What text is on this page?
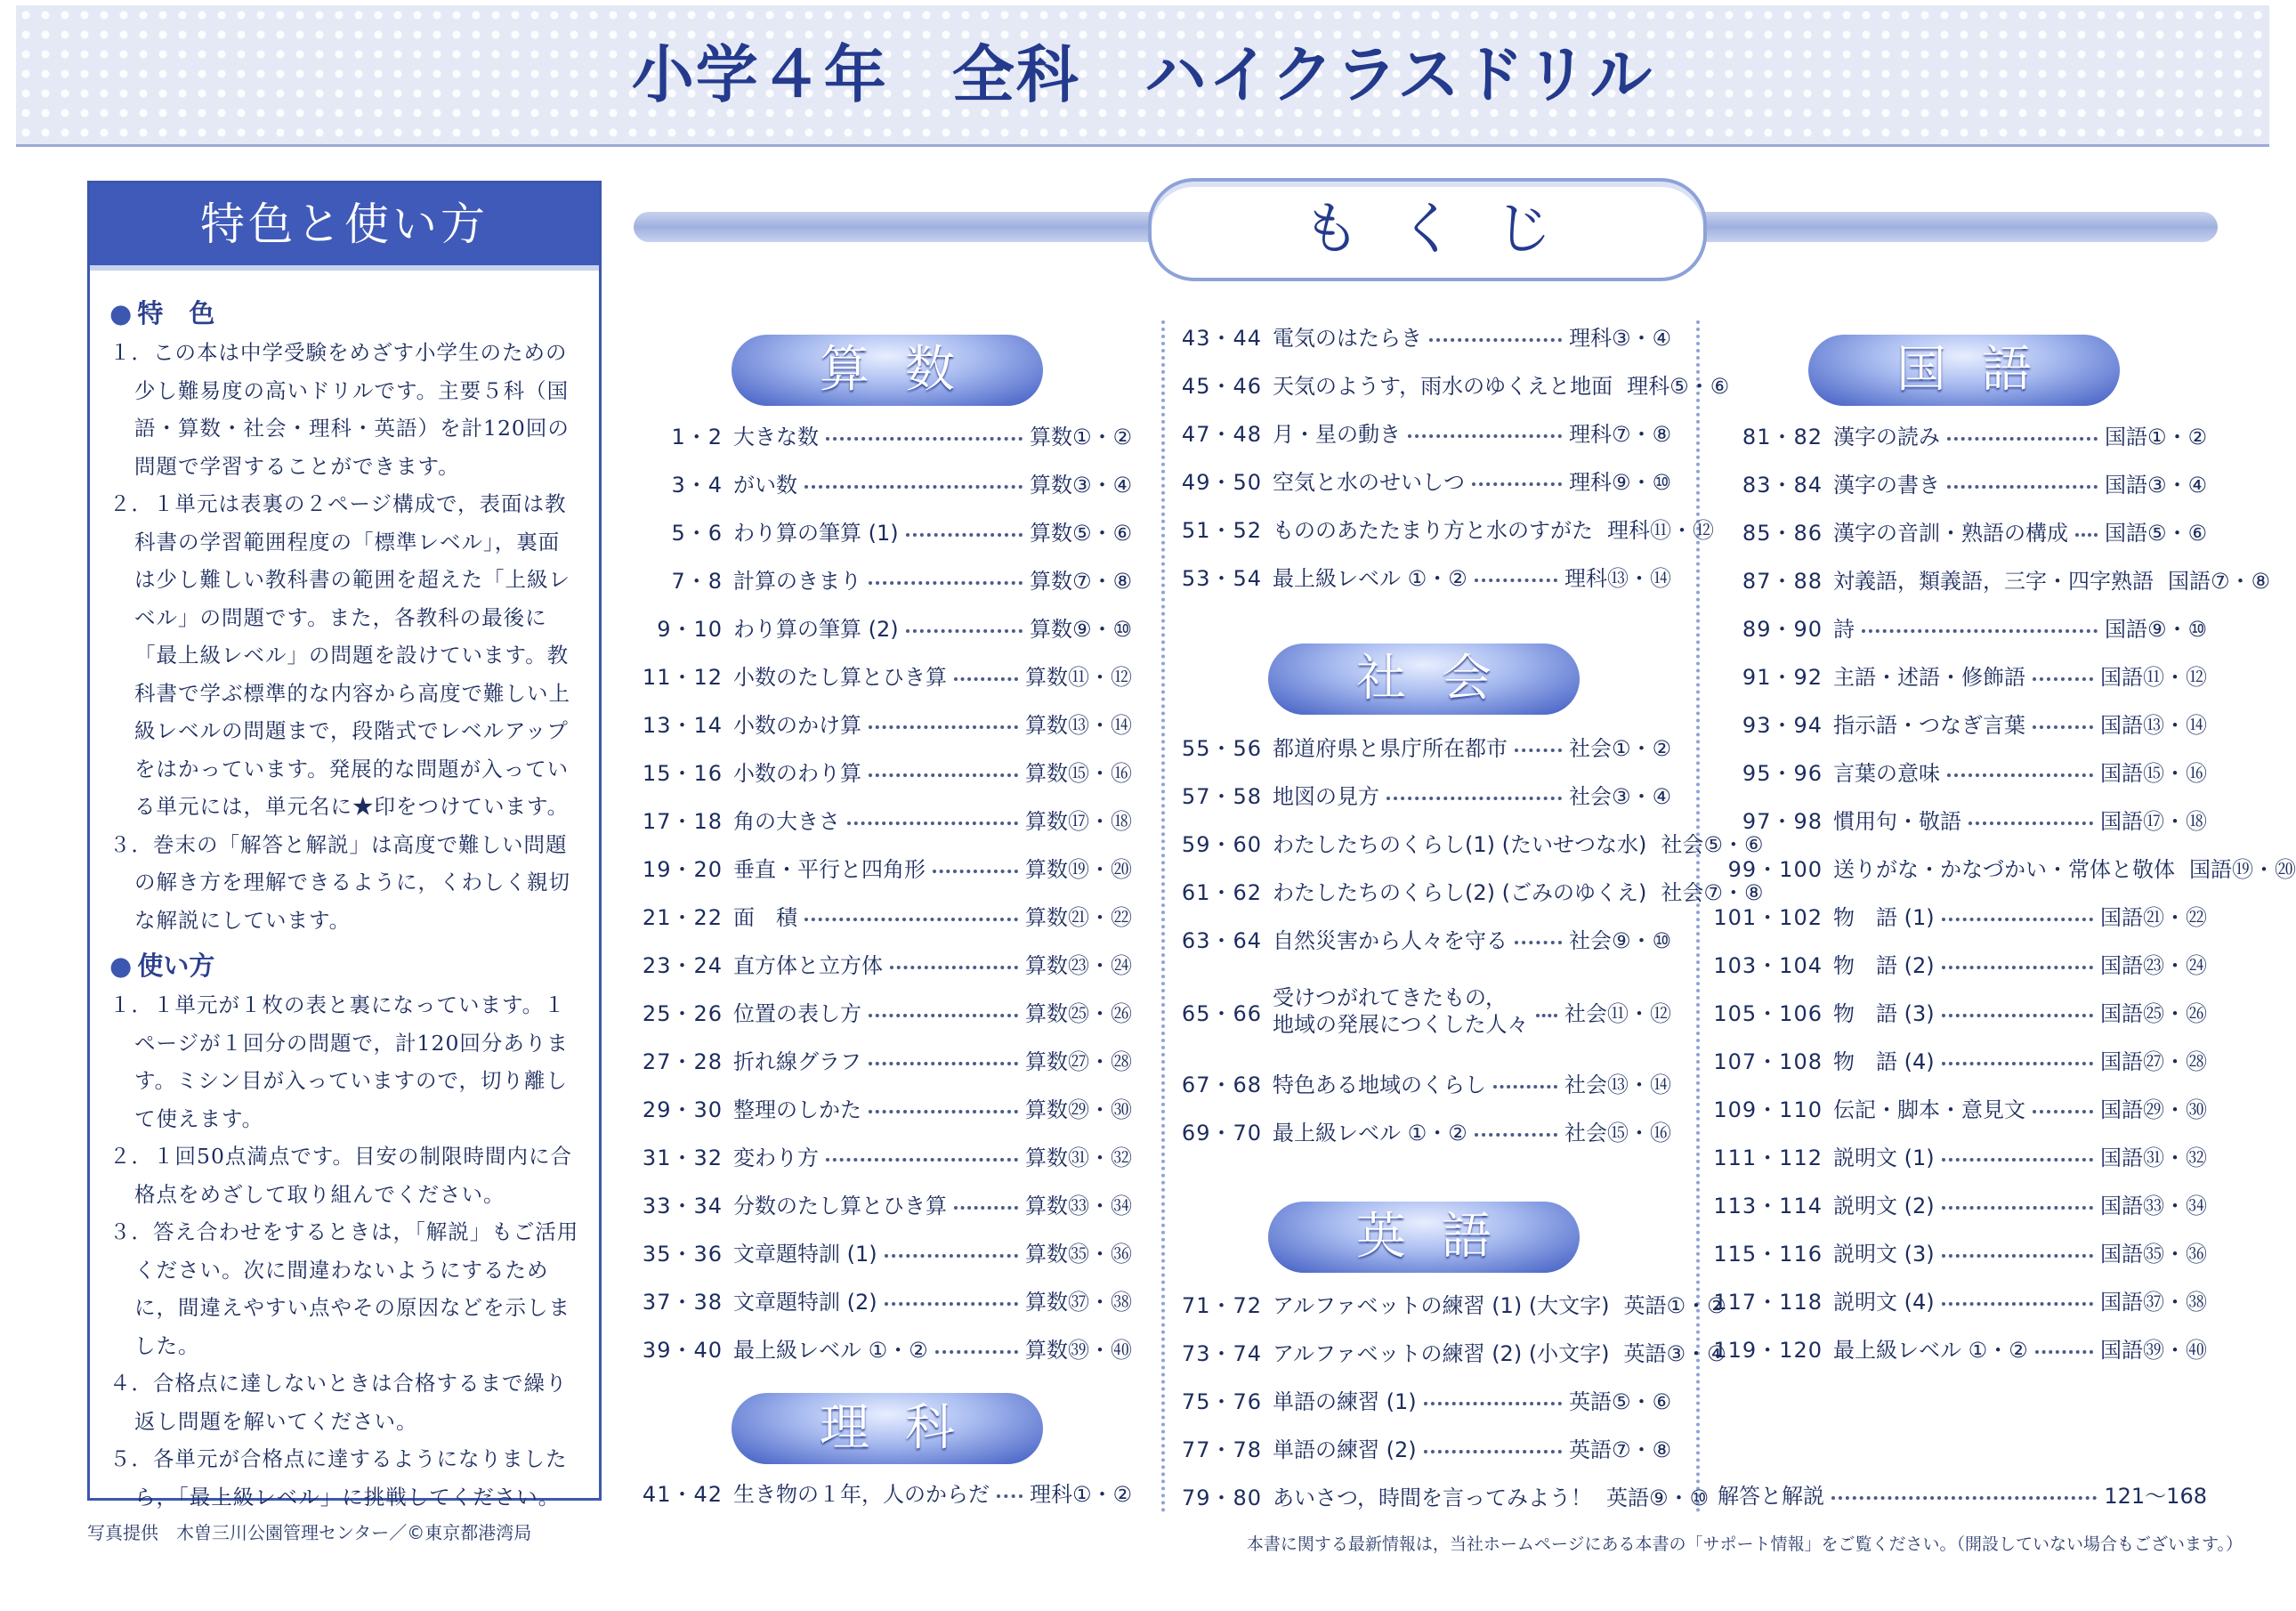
小学４年　全科　ハイクラスドリル
特色と使い方
● 特　色
１．この本は中学受験をめざす小学生のための少し難易度の高いドリルです。主要５科（国語・算数・社会・理科・英語）を計120回の問題で学習することができます。
２．１単元は表裏の２ページ構成で，表面は教科書の学習範囲程度の「標準レベル」，裏面は少し難しい教科書の範囲を超えた「上級レベル」の問題です。また，各教科の最後に「最上級レベル」の問題を設けています。教科書で学ぶ標準的な内容から高度で難しい上級レベルの問題まで，段階式でレベルアップをはかっています。発展的な問題が入っている単元には，単元名に★印をつけています。
３．巻末の「解答と解説」は高度で難しい問題の解き方を理解できるように，くわしく親切な解説にしています。
● 使い方
１．１単元が１枚の表と裏になっています。１ページが１回分の問題で，計120回分あります。ミシン目が入っていますので，切り離して使えます。
２．１回50点満点です。目安の制限時間内に合格点をめざして取り組んでください。
３．答え合わせをするときは，「解説」もご活用ください。次に間違わないようにするために，間違えやすい点やその原因などを示しました。
４．合格点に達しないときは合格するまで繰り返し問題を解いてください。
５．各単元が合格点に達するようになりましたら，「最上級レベル」に挑戦してください。
写真提供　木曽三川公園管理センター／©東京都港湾局
本書に関する最新情報は，当社ホームページにある本書の「サポート情報」をご覧ください。（開設していない場合もございます。）
もくじ
算数
理科
社会
英語
国語
1・2 大きな数	算数①・②
3・4 がい数	算数③・④
5・6 わり算の筆算 (1)	算数⑤・⑥
7・8 計算のきまり	算数⑦・⑧
9・10 わり算の筆算 (2)	算数⑨・⑩
11・12 小数のたし算とひき算	算数⑪・⑫
13・14 小数のかけ算	算数⑬・⑭
15・16 小数のわり算	算数⑮・⑯
17・18 角の大きさ	算数⑰・⑱
19・20 垂直・平行と四角形	算数⑲・⑳
21・22 面　積	算数㉑・㉒
23・24 直方体と立方体	算数㉓・㉔
25・26 位置の表し方	算数㉕・㉖
27・28 折れ線グラフ	算数㉗・㉘
29・30 整理のしかた	算数㉙・㉚
31・32 変わり方	算数㉛・㉜
33・34 分数のたし算とひき算	算数㉝・㉞
35・36 文章題特訓 (1)	算数㉟・㊱
37・38 文章題特訓 (2)	算数㊲・㊳
39・40 最上級レベル ①・②	算数㊴・㊵
41・42 生き物の１年，人のからだ 理科①・②
43・44 電気のはたらき	理科③・④
45・46 天気のようす，雨水のゆくえと地面 理科⑤・⑥
47・48 月・星の動き	理科⑦・⑧
49・50 空気と水のせいしつ	理科⑨・⑩
51・52 もののあたたまり方と水のすがた 理科⑪・⑫
53・54 最上級レベル ①・②	理科⑬・⑭
55・56 都道府県と県庁所在都市	社会①・②
57・58 地図の見方	社会③・④
59・60 わたしたちのくらし(1) (たいせつな水) 社会⑤・⑥
61・62 わたしたちのくらし(2) (ごみのゆくえ) 社会⑦・⑧
63・64 自然災害から人々を守る	社会⑨・⑩
65・66
受けつがれてきたもの，
地域の発展につくした人々 社会⑪・⑫
67・68 特色ある地域のくらし	社会⑬・⑭
69・70 最上級レベル ①・②	社会⑮・⑯
71・72 アルファベットの練習 (1) (大文字) 英語①・②
73・74 アルファベットの練習 (2) (小文字) 英語③・④
75・76 単語の練習 (1)	英語⑤・⑥
77・78 単語の練習 (2)	英語⑦・⑧
79・80 あいさつ，時間を言ってみよう！ 英語⑨・⑩
81・82 漢字の読み	国語①・②
83・84 漢字の書き	国語③・④
85・86 漢字の音訓・熟語の構成 国語⑤・⑥
87・88 対義語，類義語，三字・四字熟語 国語⑦・⑧
89・90 詩	国語⑨・⑩
91・92 主語・述語・修飾語	国語⑪・⑫
93・94 指示語・つなぎ言葉	国語⑬・⑭
95・96 言葉の意味	国語⑮・⑯
97・98 慣用句・敬語	国語⑰・⑱
99・100 送りがな・かなづかい・常体と敬体 国語⑲・⑳
101・102 物　語 (1)	国語㉑・㉒
103・104 物　語 (2)	国語㉓・㉔
105・106 物　語 (3)	国語㉕・㉖
107・108 物　語 (4)	国語㉗・㉘
109・110 伝記・脚本・意見文	国語㉙・㉚
111・112 説明文 (1)	国語㉛・㉜
113・114 説明文 (2)	国語㉝・㉞
115・116 説明文 (3)	国語㉟・㊱
117・118 説明文 (4)	国語㊲・㊳
119・120 最上級レベル ①・②	国語㊴・㊵
解答と解説	121～168
